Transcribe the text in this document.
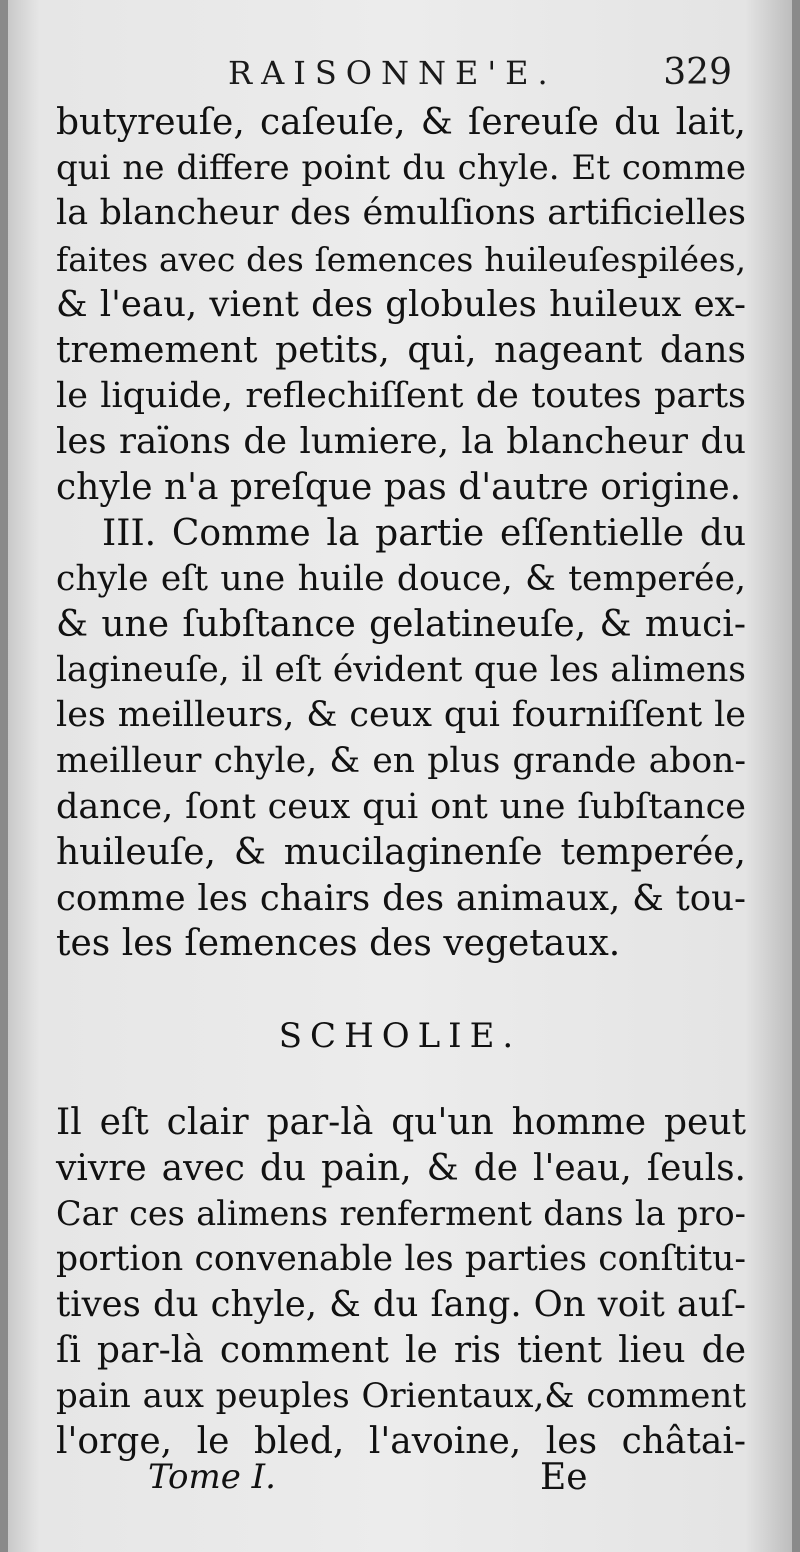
RAISONNE'E.	329
butyreuſe, caſeuſe, & ſereuſe du lait,
qui ne differe point du chyle. Et comme
la blancheur des émulſions artificielles
faites avec des ſemences huileuſespilées,
& l'eau, vient des globules huileux ex-
tremement petits, qui, nageant dans
le liquide, reflechiſſent de toutes parts
les raïons de lumiere, la blancheur du
chyle n'a preſque pas d'autre origine.
III. Comme la partie eſſentielle du
chyle eſt une huile douce, & temperée,
& une ſubſtance gelatineuſe, & muci-
lagineuſe, il eſt évident que les alimens
les meilleurs, & ceux qui fourniſſent le
meilleur chyle, & en plus grande abon-
dance, ſont ceux qui ont une ſubſtance
huileuſe, & mucilaginenſe temperée,
comme les chairs des animaux, & tou-
tes les ſemences des vegetaux.
SCHOLIE.
Il eſt clair par-là qu'un homme peut
vivre avec du pain, & de l'eau, ſeuls.
Car ces alimens renferment dans la pro-
portion convenable les parties conſtitu-
tives du chyle, & du ſang. On voit auſ-
ſi par-là comment le ris tient lieu de
pain aux peuples Orientaux,& comment
l'orge, le bled, l'avoine, les châtai-
Tome I.	Ee
